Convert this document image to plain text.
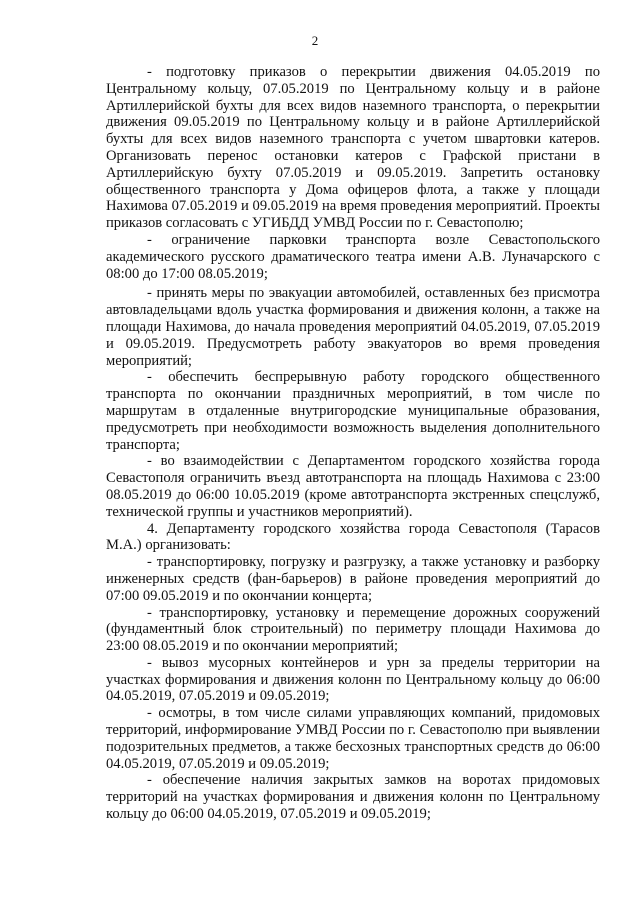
2

- подготовку приказов о перекрытии движения 04.05.2019 по Центральному кольцу, 07.05.2019 по Центральному кольцу и в районе Артиллерийской бухты для всех видов наземного транспорта, о перекрытии движения 09.05.2019 по Центральному кольцу и в районе Артиллерийской бухты для всех видов наземного транспорта с учетом швартовки катеров. Организовать перенос остановки катеров с Графской пристани в Артиллерийскую бухту 07.05.2019 и 09.05.2019. Запретить остановку общественного транспорта у Дома офицеров флота, а также у площади Нахимова 07.05.2019 и 09.05.2019 на время проведения мероприятий. Проекты приказов согласовать с УГИБДД УМВД России по г. Севастополю;

- ограничение парковки транспорта возле Севастопольского академического русского драматического театра имени А.В. Луначарского с 08:00 до 17:00 08.05.2019;

- принять меры по эвакуации автомобилей, оставленных без присмотра автовладельцами вдоль участка формирования и движения колонн, а также на площади Нахимова, до начала проведения мероприятий 04.05.2019, 07.05.2019 и 09.05.2019. Предусмотреть работу эвакуаторов во время проведения мероприятий;

- обеспечить беспрерывную работу городского общественного транспорта по окончании праздничных мероприятий, в том числе по маршрутам в отдаленные внутригородские муниципальные образования, предусмотреть при необходимости возможность выделения дополнительного транспорта;

- во взаимодействии с Департаментом городского хозяйства города Севастополя ограничить въезд автотранспорта на площадь Нахимова с 23:00 08.05.2019 до 06:00 10.05.2019 (кроме автотранспорта экстренных спецслужб, технической группы и участников мероприятий).

4. Департаменту городского хозяйства города Севастополя (Тарасов М.А.) организовать:

- транспортировку, погрузку и разгрузку, а также установку и разборку инженерных средств (фан-барьеров) в районе проведения мероприятий до 07:00 09.05.2019 и по окончании концерта;

- транспортировку, установку и перемещение дорожных сооружений (фундаментный блок строительный) по периметру площади Нахимова до 23:00 08.05.2019 и по окончании мероприятий;

- вывоз мусорных контейнеров и урн за пределы территории на участках формирования и движения колонн по Центральному кольцу до 06:00 04.05.2019, 07.05.2019 и 09.05.2019;

- осмотры, в том числе силами управляющих компаний, придомовых территорий, информирование УМВД России по г. Севастополю при выявлении подозрительных предметов, а также бесхозных транспортных средств до 06:00 04.05.2019, 07.05.2019 и 09.05.2019;

- обеспечение наличия закрытых замков на воротах придомовых территорий на участках формирования и движения колонн по Центральному кольцу до 06:00 04.05.2019, 07.05.2019 и 09.05.2019;
